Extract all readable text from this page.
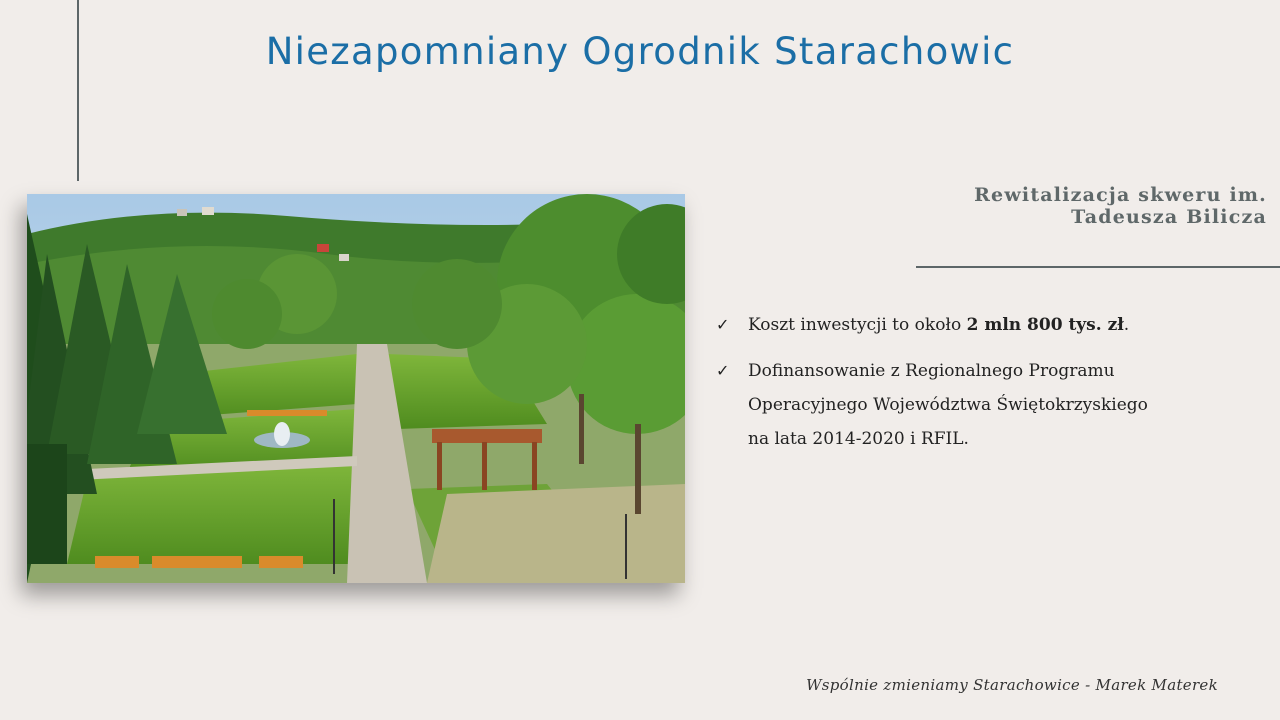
Niezapomniany Ogrodnik Starachowic
Rewitalizacja skweru im.
Tadeusza Bilicza
✓ Koszt inwestycji to około 2 mln 800 tys. zł.
✓ Dofinansowanie z Regionalnego Programu
Operacyjnego Województwa Świętokrzyskiego
na lata 2014-2020 i RFIL.
Wspólnie zmieniamy Starachowice - Marek Materek
